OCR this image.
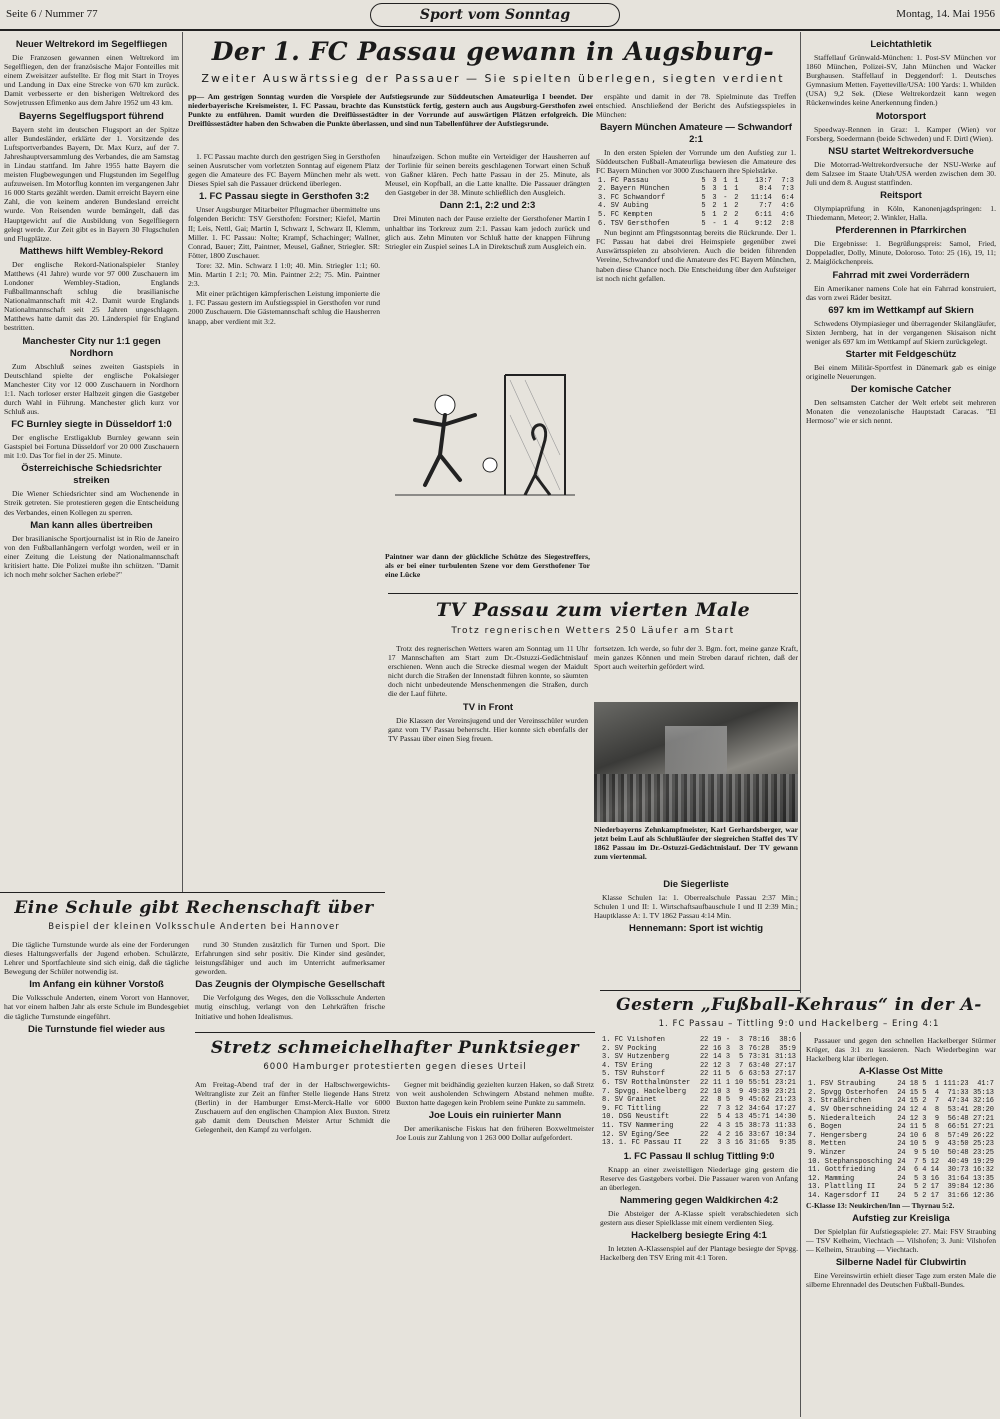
Seite 6 / Nummer 77	Sport vom Sonntag	Montag, 14. Mai 1956
Neuer Weltrekord im Segelfliegen

Die Franzosen gewannen einen Weltrekord im Segelfliegen, den der französische Major Fonteilles mit einem Zweisitzer aufstellte. Er flog mit Start in Troyes und Landung in Dax eine Strecke von 670 km zurück. Damit verbesserte er den bisherigen Weltrekord des Sowjetrussen Efimenko aus dem Jahre 1952 um 43 km.

Bayerns Segelflugsport führend

Bayern steht im deutschen Flugsport an der Spitze aller Bundesländer, erklärte der 1. Vorsitzende des Luftsportverbandes Bayern, Dr. Max Kurz, auf der 7. Jahreshauptversammlung des Verbandes, die am Samstag in Lindau stattfand. Im Jahre 1955 hatte Bayern die meisten Flugbewegungen und Flugstunden im Segelflug aufzuweisen. Im Motorflug konnten im vergangenen Jahr 16 000 Starts gezählt werden. Damit erreicht Bayern eine Zahl, die von keinem anderen Bundesland erreicht wurde. Von Reisenden wurde bemängelt, daß das Hauptgewicht auf die Ausbildung von Segelfliegern gelegt werde. Zur Zeit gibt es in Bayern 30 Flugschulen und Flugplätze.

Matthews hilft Wembley-Rekord

Der englische Rekord-Nationalspieler Stanley Matthews (41 Jahre) wurde vor 97 000 Zuschauern im Londoner Wembley-Stadion, Englands Fußballmannschaft schlug die brasilianische Nationalmannschaft mit 4:2. Damit wurde Englands Nationalmannschaft seit 25 Jahren ungeschlagen. Matthews hatte damit das 20. Länderspiel für England bestritten.

Manchester City nur 1:1 gegen Nordhorn

Zum Abschluß seines zweiten Gastspiels in Deutschland spielte der englische Pokalsieger Manchester City vor 12 000 Zuschauern in Nordhorn 1:1. Nach torloser erster Halbzeit gingen die Gastgeber durch Wahl in Führung. Manchester glich kurz vor Schluß aus.

FC Burnley siegte in Düsseldorf 1:0

Der englische Erstligaklub Burnley gewann sein Gastspiel bei Fortuna Düsseldorf vor 20 000 Zuschauern mit 1:0. Das Tor fiel in der 25. Minute.

Österreichische Schiedsrichter streiken

Die Wiener Schiedsrichter sind am Wochenende in Streik getreten. Sie protestieren gegen die Entscheidung des Verbandes, einen Kollegen zu sperren.

Man kann alles übertreiben

Der brasilianische Sportjournalist ist in Rio de Janeiro von den Fußballanhängern verfolgt worden, weil er in einer Zeitung die Leistung der Nationalmannschaft kritisiert hatte. Die Polizei mußte ihn schützen. "Damit ich noch mehr solcher Sachen erlebe?"

Der 1. FC Passau gewann in Augsburg-
Zweiter Auswärtssieg der Passauer — Sie spielten überlegen, siegten verdient
pp— Am gestrigen Sonntag wurden die Vorspiele der Aufstiegsrunde zur Süddeutschen Amateurliga I beendet. Der niederbayerische Kreismeister, 1. FC Passau, brachte das Kunststück fertig, gestern auch aus Augsburg-Gersthofen zwei Punkte zu entführen. Damit wurden die Dreiflüssestädter in der Vorrunde auf auswärtigen Plätzen erfolgreich. Die Dreiflüssestädter haben den Schwaben die Punkte überlassen, und sind nun Tabellenführer der Aufstiegsrunde.

1. FC Passau machte durch den gestrigen Sieg in Gersthofen seinen Ausrutscher vom vorletzten Sonntag auf eigenem Platz gegen die Amateure des FC Bayern München mehr als wett. Dieses Spiel sah die Passauer drückend überlegen.

1. FC Passau siegte in Gersthofen 3:2

Unser Augsburger Mitarbeiter Pflugmacher übermittelte uns folgenden Bericht: TSV Gersthofen: Forstner; Kiefel, Martin II; Leis, Nettl, Gai; Martin I, Schwarz I, Schwarz II, Klemm, Miller. 1. FC Passau: Nolte; Krampf, Schachinger; Wallner, Conrad, Bauer; Zitt, Paintner, Meusel, Gaßner, Striegler. SR: Fötter, 1800 Zuschauer.

Tore: 32. Min. Schwarz I 1:0; 40. Min. Striegler 1:1; 60. Min. Martin I 2:1; 70. Min. Paintner 2:2; 75. Min. Paintner 2:3.

Mit einer prächtigen kämpferischen Leistung imponierte die 1. FC Passau gestern im Aufstiegsspiel in Gersthofen vor rund 2000 Zuschauern. Die Gästemannschaft schlug die Hausherren knapp, aber verdient mit 3:2.

hinaufzeigen. Schon mußte ein Verteidiger der Hausherren auf der Torlinie für seinen bereits geschlagenen Torwart einen Schuß von Gaßner klären. Pech hatte Passau in der 25. Minute, als Meusel, ein Kopfball, an die Latte knallte. Die Passauer drängten den Gastgeber in der 38. Minute schließlich den Ausgleich.

Dann 2:1, 2:2 und 2:3

Drei Minuten nach der Pause erzielte der Gersthofener Martin I unhaltbar ins Torkreuz zum 2:1. Passau kam jedoch zurück und glich aus. Zehn Minuten vor Schluß hatte der knappen Führung Striegler ein Zuspiel seines LA in Direktschuß zum Ausgleich ein.

Paintner war dann der glückliche Schütze des Siegestreffers, als er bei einer turbulenten Szene vor dem Gersthofener Tor eine Lücke

erspähte und damit in der 78. Spielminute das Treffen entschied. Anschließend der Bericht des Aufstiegsspieles in München:

Bayern München Amateure — Schwandorf 2:1

In den ersten Spielen der Vorrunde um den Aufstieg zur 1. Süddeutschen Fußball-Amateurliga bewiesen die Amateure des FC Bayern München vor 3000 Zuschauern ihre Spielstärke.

1. FC Passau	5	3	1	1	13:7	7:3
2. Bayern München	5	3	1	1	8:4	7:3
3. FC Schwandorf	5	3	-	2	11:14	6:4
4. SV Aubing	5	2	1	2	7:7	4:6
5. FC Kempten	5	1	2	2	6:11	4:6
6. TSV Gersthofen	5	-	1	4	9:12	2:8

Nun beginnt am Pfingstsonntag bereits die Rückrunde. Der 1. FC Passau hat dabei drei Heimspiele gegenüber zwei Auswärtsspielen zu absolvieren. Auch die beiden führenden Vereine, Schwandorf und die Amateure des FC Bayern München, haben diese Chance noch. Die Entscheidung über den Aufsteiger ist noch nicht gefallen.

Leichtathletik

Staffellauf Grünwald-München: 1. Post-SV München vor 1860 München, Polizei-SV, Jahn München und Wacker Burghausen. Staffellauf in Deggendorf: 1. Deutsches Gymnasium Metten. Fayetteville/USA: 100 Yards: 1. Whilden (USA) 9,2 Sek. (Diese Weltrekordzeit kann wegen Rückenwindes keine Anerkennung finden.)

Motorsport

Speedway-Rennen in Graz: 1. Kamper (Wien) vor Forsberg, Soedermann (beide Schweden) und F. Dirtl (Wien).

NSU startet Weltrekordversuche

Die Motorrad-Weltrekordversuche der NSU-Werke auf dem Salzsee im Staate Utah/USA werden zwischen dem 30. Juli und dem 8. August stattfinden.

Reitsport

Olympiaprüfung in Köln, Kanonenjagdspringen: 1. Thiedemann, Meteor; 2. Winkler, Halla.

Pferderennen in Pfarrkirchen

Die Ergebnisse: 1. Begrüßungspreis: Samol, Fried, Doppeladler, Dolly, Minute, Doloroso. Toto: 25 (16), 19, 11; 2. Maiglöckchenpreis.

Fahrrad mit zwei Vorderrädern

Ein Amerikaner namens Cole hat ein Fahrrad konstruiert, das vorn zwei Räder besitzt.

697 km im Wettkampf auf Skiern

Schwedens Olympiasieger und überragender Skilangläufer, Sixten Jernberg, hat in der vergangenen Skisaison nicht weniger als 697 km im Wettkampf auf Skiern zurückgelegt.

Starter mit Feldgeschütz

Bei einem Militär-Sportfest in Dänemark gab es einige originelle Neuerungen.

Der komische Catcher

Den seltsamsten Catcher der Welt erlebt seit mehreren Monaten die venezolanische Hauptstadt Caracas. "El Hermoso" wie er sich nennt.

TV Passau zum vierten Male
Trotz regnerischen Wetters 250 Läufer am Start

Trotz des regnerischen Wetters waren am Sonntag um 11 Uhr 17 Mannschaften am Start zum Dr.-Ostuzzi-Gedächtnislauf erschienen. Wenn auch die Strecke diesmal wegen der Maidult nicht durch die Straßen der Innenstadt führen konnte, so säumten doch nicht unbedeutende Menschenmengen die Straßen, durch die der Lauf führte.

TV in Front

Die Klassen der Vereinsjugend und der Vereinsschüler wurden ganz vom TV Passau beherrscht. Hier konnte sich ebenfalls der TV Passau über einen Sieg freuen.

fortsetzen. Ich werde, so fuhr der 3. Bgm. fort, meine ganze Kraft, mein ganzes Können und mein Streben darauf richten, daß der Sport auch weiterhin gefördert wird.
Niederbayerns Zehnkampfmeister, Karl Gerhardsberger, war jetzt beim Lauf als Schlußläufer der siegreichen Staffel des TV 1862 Passau im Dr.-Ostuzzi-Gedächtnislauf. Der TV gewann zum viertenmal.
Die Siegerliste

Klasse Schulen 1a: 1. Oberrealschule Passau 2:37 Min.; Schulen 1 und II: 1. Wirtschaftsaufbauschule I und II 2:39 Min.; Hauptklasse A: 1. TV 1862 Passau 4:14 Min.

Hennemann: Sport ist wichtig
Eine Schule gibt Rechenschaft über
Beispiel der kleinen Volksschule Anderten bei Hannover

Die tägliche Turnstunde wurde als eine der Forderungen dieses Haltungsverfalls der Jugend erhoben. Schulärzte, Lehrer und Sportfachleute sind sich einig, daß die tägliche Bewegung der Schüler notwendig ist.

Im Anfang ein kühner Vorstoß

Die Volksschule Anderten, einem Vorort von Hannover, hat vor einem halben Jahr als erste Schule im Bundesgebiet die tägliche Turnstunde eingeführt.

Die Turnstunde fiel wieder aus

rund 30 Stunden zusätzlich für Turnen und Sport. Die Erfahrungen sind sehr positiv. Die Kinder sind gesünder, leistungsfähiger und auch im Unterricht aufmerksamer geworden.

Das Zeugnis der Olympische Gesellschaft

Die Verfolgung des Weges, den die Volksschule Anderten mutig einschlug, verlangt von den Lehrkräften frische Initiative und hohen Idealismus.

Stretz schmeichelhafter Punktsieger
6000 Hamburger protestierten gegen dieses Urteil
Am Freitag-Abend traf der in der Halbschwergewichts-Weltrangliste zur Zeit an fünfter Stelle liegende Hans Stretz (Berlin) in der Hamburger Ernst-Merck-Halle vor 6000 Zuschauern auf den englischen Champion Alex Buxton. Stretz gab damit dem Deutschen Meister Artur Schmidt die Gelegenheit, den Kampf zu verfolgen.

Gegner mit beidhändig gezielten kurzen Haken, so daß Stretz von weit ausholenden Schwingern Abstand nehmen mußte. Buxton hatte dagegen kein Problem seine Punkte zu sammeln.

Joe Louis ein ruinierter Mann

Der amerikanische Fiskus hat den früheren Boxweltmeister Joe Louis zur Zahlung von 1 263 000 Dollar aufgefordert.

Gestern „Fußball-Kehraus“ in der A-
1. FC Passau – Tittling 9:0 und Hackelberg – Ering 4:1
1. FC Vilshofen	22	19	-	3	78:16	38:6
2. SV Pocking	22	16	3	3	76:28	35:9
3. SV Hutzenberg	22	14	3	5	73:31	31:13
4. TSV Ering	22	12	3	7	63:40	27:17
5. TSV Ruhstorf	22	11	5	6	63:53	27:17
6. TSV Rotthalmünster	22	11	1	10	55:51	23:21
7. Spvgg. Hackelberg	22	10	3	9	49:39	23:21
8. SV Grainet	22	8	5	9	45:62	21:23
9. FC Tittling	22	7	3	12	34:64	17:27
10. DSG Neustift	22	5	4	13	45:71	14:30
11. TSV Nammering	22	4	3	15	38:73	11:33
12. SV Eging/See	22	4	2	16	33:67	10:34
13. 1. FC Passau II	22	3	3	16	31:65	9:35
1. FC Passau II schlug Tittling 9:0

Knapp an einer zweistelligen Niederlage ging gestern die Reserve des Gastgebers vorbei. Die Passauer waren von Anfang an überlegen.

Nammering gegen Waldkirchen 4:2

Die Absteiger der A-Klasse spielt verabschiedeten sich gestern aus dieser Spielklasse mit einem verdienten Sieg.

Hackelberg besiegte Ering 4:1

In letzten A-Klassenspiel auf der Plantage besiegte der Spvgg. Hackelberg den TSV Ering mit 4:1 Toren.

Passauer und gegen den schnellen Hackelberger Stürmer Krüger, das 3:1 zu kassieren. Nach Wiederbeginn war Hackelberg klar überlegen.

A-Klasse Ost Mitte
1. FSV Straubing	24	18	5	1	111:23	41:7
2. Spvgg Osterhofen	24	15	5	4	71:33	35:13
3. Straßkirchen	24	15	2	7	47:34	32:16
4. SV Oberschneiding	24	12	4	8	53:41	28:20
5. Niederalteich	24	12	3	9	56:48	27:21
6. Bogen	24	11	5	8	66:51	27:21
7. Hengersberg	24	10	6	8	57:49	26:22
8. Metten	24	10	5	9	43:50	25:23
9. Winzer	24	9	5	10	50:48	23:25
10. Stephansposching	24	7	5	12	40:49	19:29
11. Gottfrieding	24	6	4	14	30:73	16:32
12. Mamming	24	5	3	16	31:64	13:35
13. Plattling II	24	5	2	17	39:84	12:36
14. Kagersdorf II	24	5	2	17	31:66	12:36

C-Klasse 13: Neukirchen/Inn — Thyrnau 5:2.

Aufstieg zur Kreisliga

Der Spielplan für Aufstiegsspiele: 27. Mai: FSV Straubing — TSV Kelheim, Viechtach — Vilshofen; 3. Juni: Vilshofen — Kelheim, Straubing — Viechtach.

Silberne Nadel für Clubwirtin

Eine Vereinswirtin erhielt dieser Tage zum ersten Male die silberne Ehrennadel des Deutschen Fußball-Bundes.
